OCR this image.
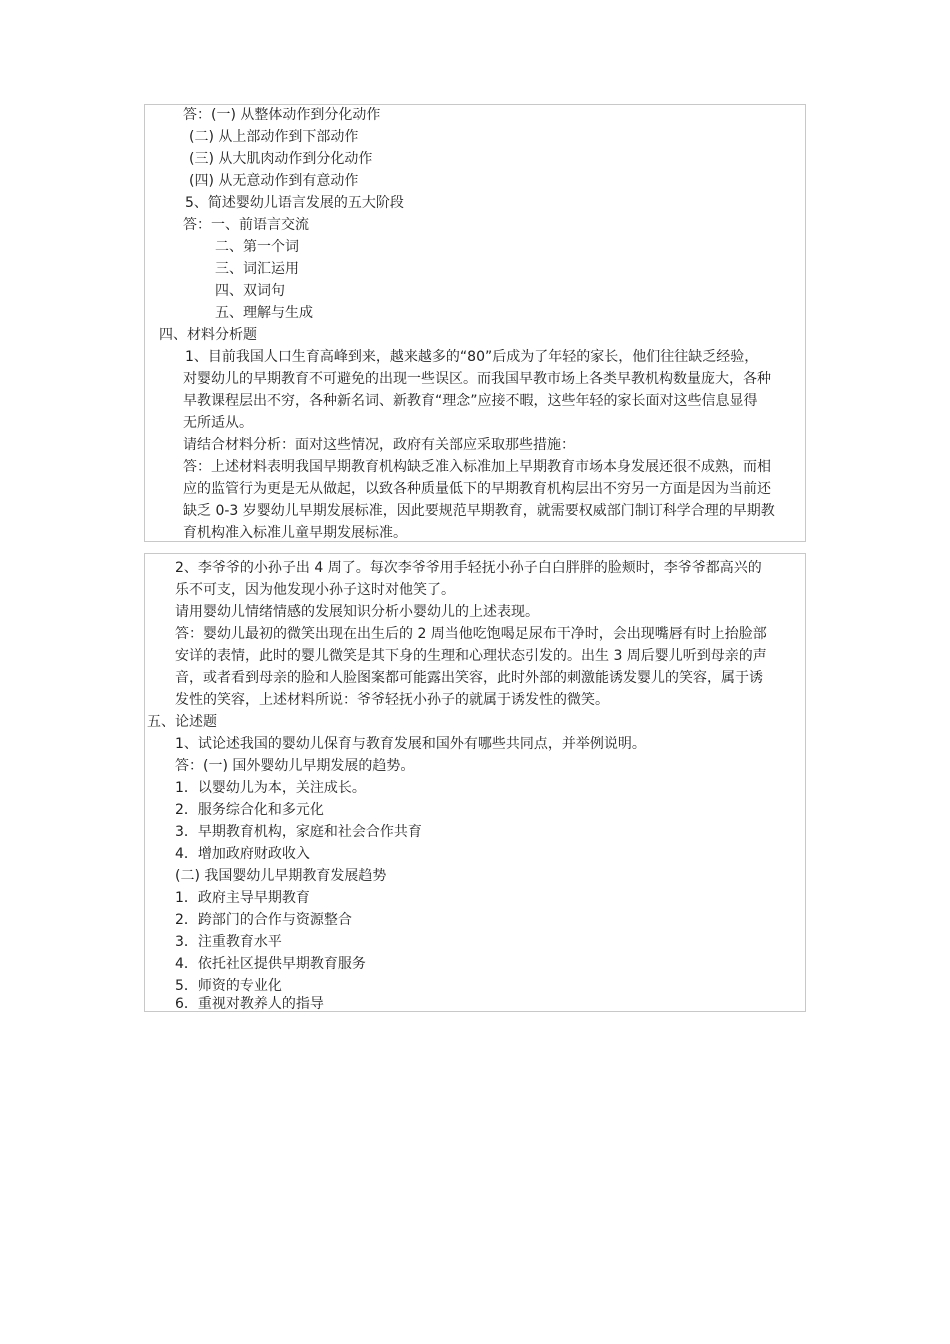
答：(一) 从整体动作到分化动作
(二) 从上部动作到下部动作
(三) 从大肌肉动作到分化动作
(四) 从无意动作到有意动作
5、简述婴幼儿语言发展的五大阶段
答：一、前语言交流
二、第一个词
三、词汇运用
四、双词句
五、理解与生成
四、材料分析题
1、目前我国人口生育高峰到来，越来越多的“80”后成为了年轻的家长，他们往往缺乏经验，
对婴幼儿的早期教育不可避免的出现一些误区。而我国早教市场上各类早教机构数量庞大，各种
早教课程层出不穷，各种新名词、新教育“理念”应接不暇，这些年轻的家长面对这些信息显得
无所适从。
请结合材料分析：面对这些情况，政府有关部应采取那些措施：
答：上述材料表明我国早期教育机构缺乏准入标准加上早期教育市场本身发展还很不成熟，而相
应的监管行为更是无从做起，以致各种质量低下的早期教育机构层出不穷另一方面是因为当前还
缺乏 0-3 岁婴幼儿早期发展标准，因此要规范早期教育，就需要权威部门制订科学合理的早期教
育机构准入标准儿童早期发展标准。
2、李爷爷的小孙子出 4 周了。每次李爷爷用手轻抚小孙子白白胖胖的脸颊时，李爷爷都高兴的
乐不可支，因为他发现小孙子这时对他笑了。
请用婴幼儿情绪情感的发展知识分析小婴幼儿的上述表现。
答：婴幼儿最初的微笑出现在出生后的 2 周当他吃饱喝足尿布干净时，会出现嘴唇有时上抬脸部
安详的表情，此时的婴儿微笑是其下身的生理和心理状态引发的。出生 3 周后婴儿听到母亲的声
音，或者看到母亲的脸和人脸图案都可能露出笑容，此时外部的刺激能诱发婴儿的笑容，属于诱
发性的笑容，上述材料所说：爷爷轻抚小孙子的就属于诱发性的微笑。
五、论述题
1、试论述我国的婴幼儿保育与教育发展和国外有哪些共同点，并举例说明。
答：(一) 国外婴幼儿早期发展的趋势。
1．以婴幼儿为本，关注成长。
2．服务综合化和多元化
3．早期教育机构，家庭和社会合作共育
4．增加政府财政收入
(二) 我国婴幼儿早期教育发展趋势
1．政府主导早期教育
2．跨部门的合作与资源整合
3．注重教育水平
4．依托社区提供早期教育服务
5．师资的专业化
6．重视对教养人的指导
